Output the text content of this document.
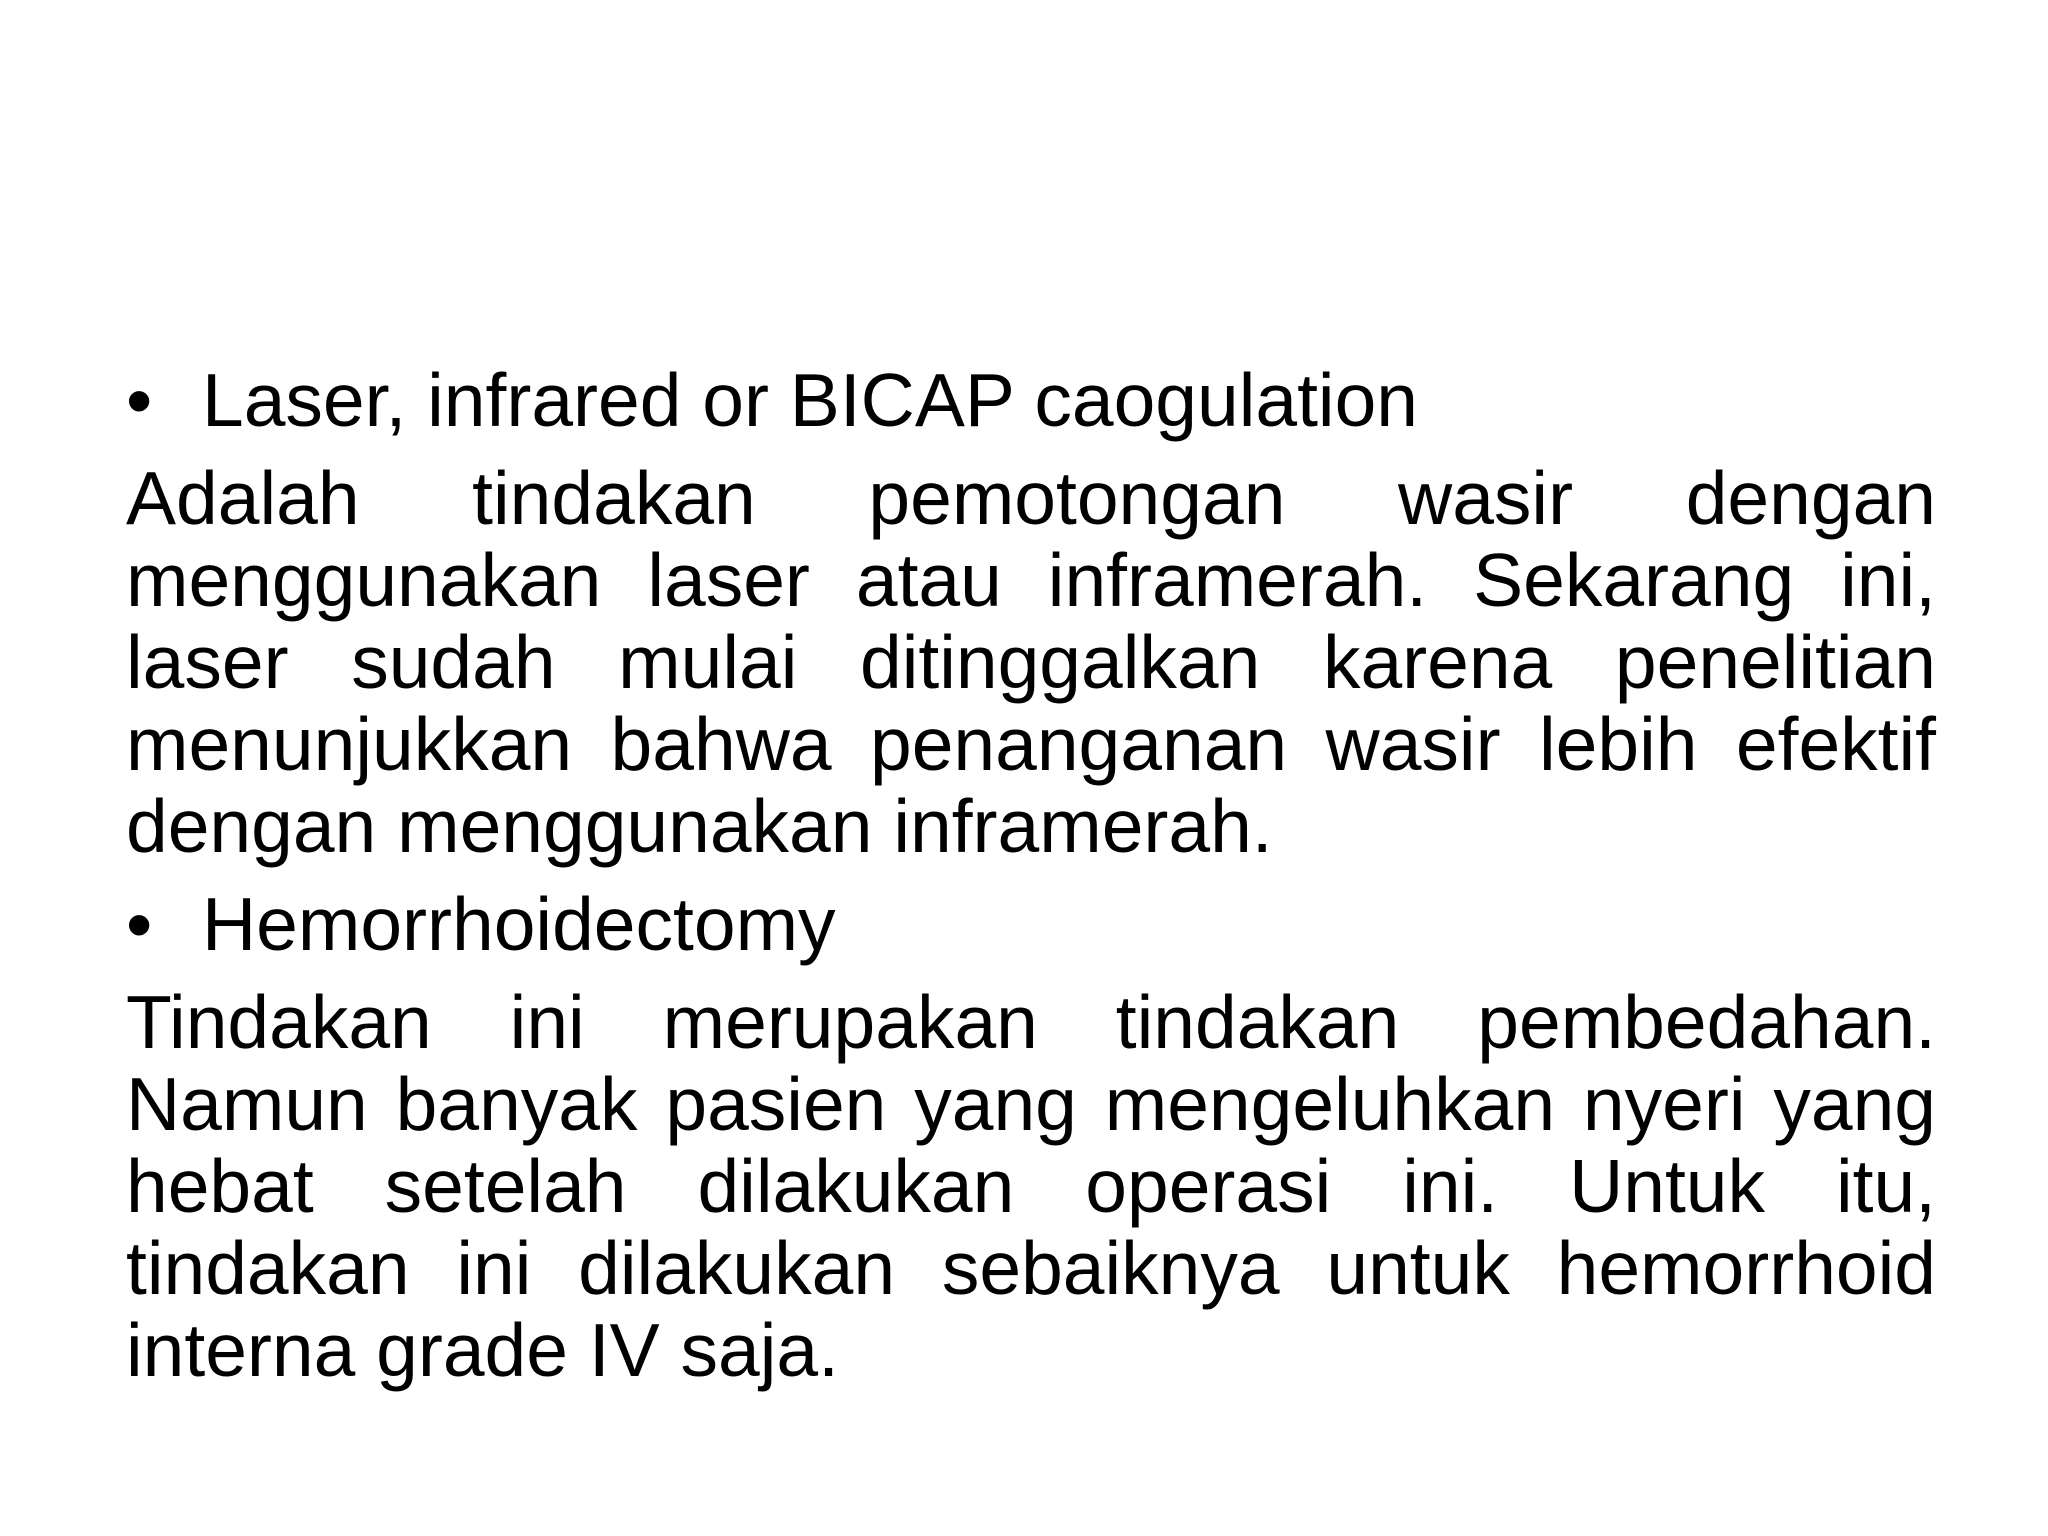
• Laser, infrared or BICAP caogulation

Adalah tindakan pemotongan wasir dengan menggunakan laser atau inframerah. Sekarang ini, laser sudah mulai ditinggalkan karena penelitian menunjukkan bahwa penanganan wasir lebih efektif dengan menggunakan inframerah.

• Hemorrhoidectomy

Tindakan ini merupakan tindakan pembedahan. Namun banyak pasien yang mengeluhkan nyeri yang hebat setelah dilakukan operasi ini. Untuk itu, tindakan ini dilakukan sebaiknya untuk hemorrhoid interna grade IV saja.
